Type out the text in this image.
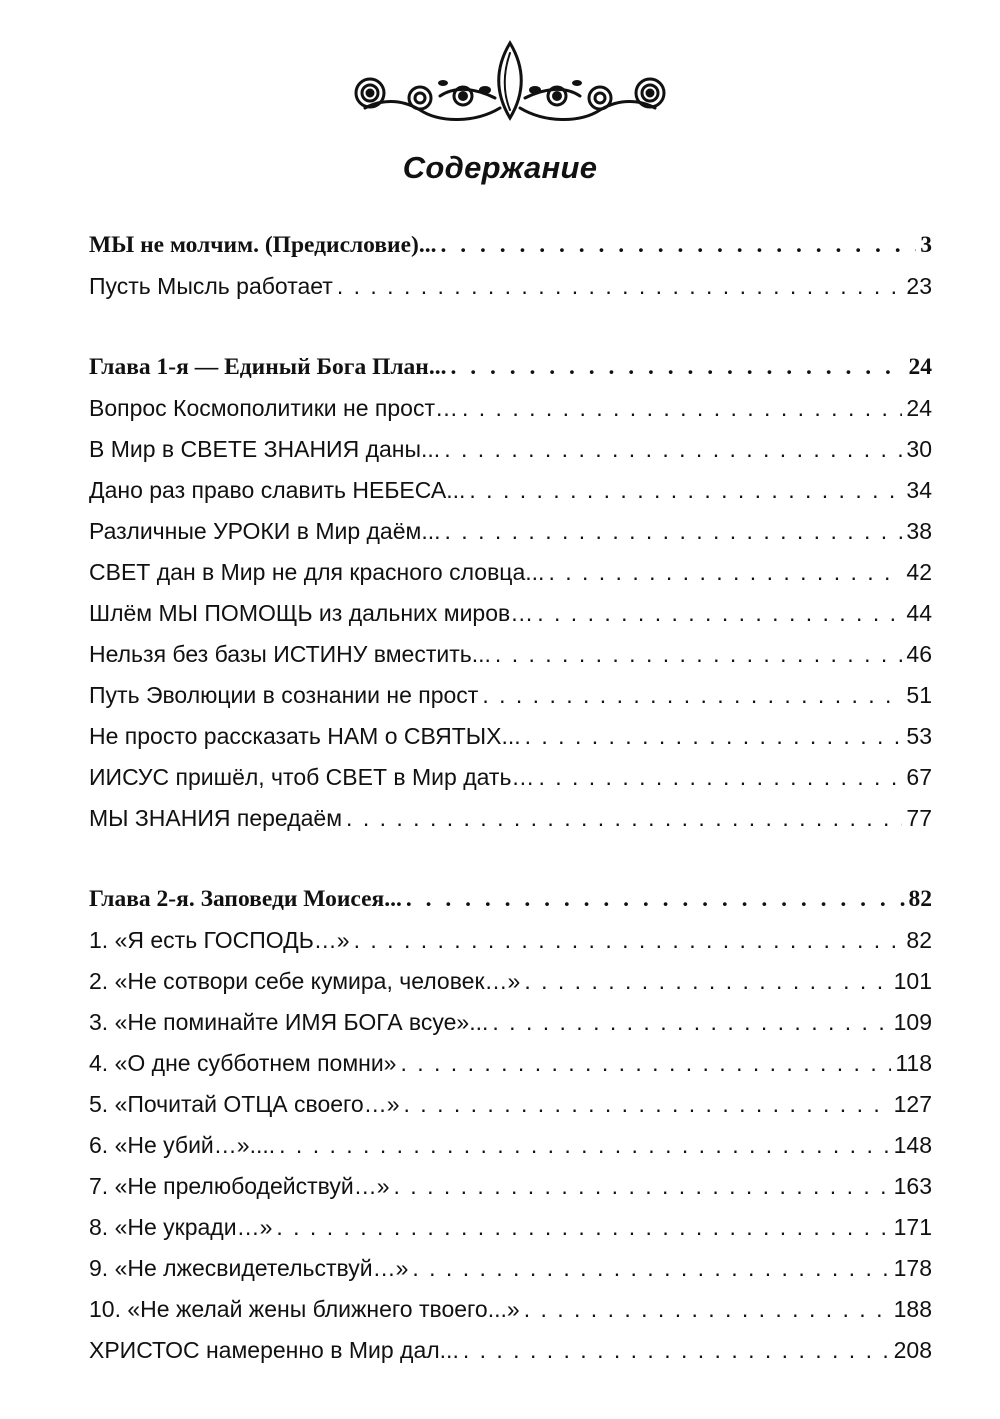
Содержание
МЫ не молчим. (Предисловие)... . . .	3
Пусть Мысль работает . . .	23
Глава 1-я — Единый Бога План... . . .	24
Вопрос Космополитики не прост… . . .	24
В Мир в СВЕТЕ ЗНАНИЯ даны... . . .	30
Дано раз право славить НЕБЕСА... . . .	34
Различные УРОКИ в Мир даём... . . .	38
СВЕТ дан в Мир не для красного словца... . . .	42
Шлём МЫ ПОМОЩЬ из дальних миров… . . .	44
Нельзя без базы ИСТИНУ вместить... . . .	46
Путь Эволюции в сознании не прост . . .	51
Не просто рассказать НАМ о СВЯТЫХ... . . .	53
ИИСУС пришёл, чтоб СВЕТ в Мир дать… . . .	67
МЫ ЗНАНИЯ передаём . . .	77
Глава 2-я. Заповеди Моисея... . . .	82
1. «Я есть ГОСПОДЬ…» . . .	82
2. «Не сотвори себе кумира, человек…» . . .	101
3. «Не поминайте ИМЯ БОГА всуе»... . . .	109
4. «О дне субботнем помни» . . .	118
5. «Почитай ОТЦА своего…» . . .	127
6. «Не убий…».... . . .	148
7. «Не прелюбодействуй…» . . .	163
8. «Не укради…» . . .	171
9. «Не лжесвидетельствуй…» . . .	178
10. «Не желай жены ближнего твоего...» . . .	188
ХРИСТОС намеренно в Мир дал... . . .	208
